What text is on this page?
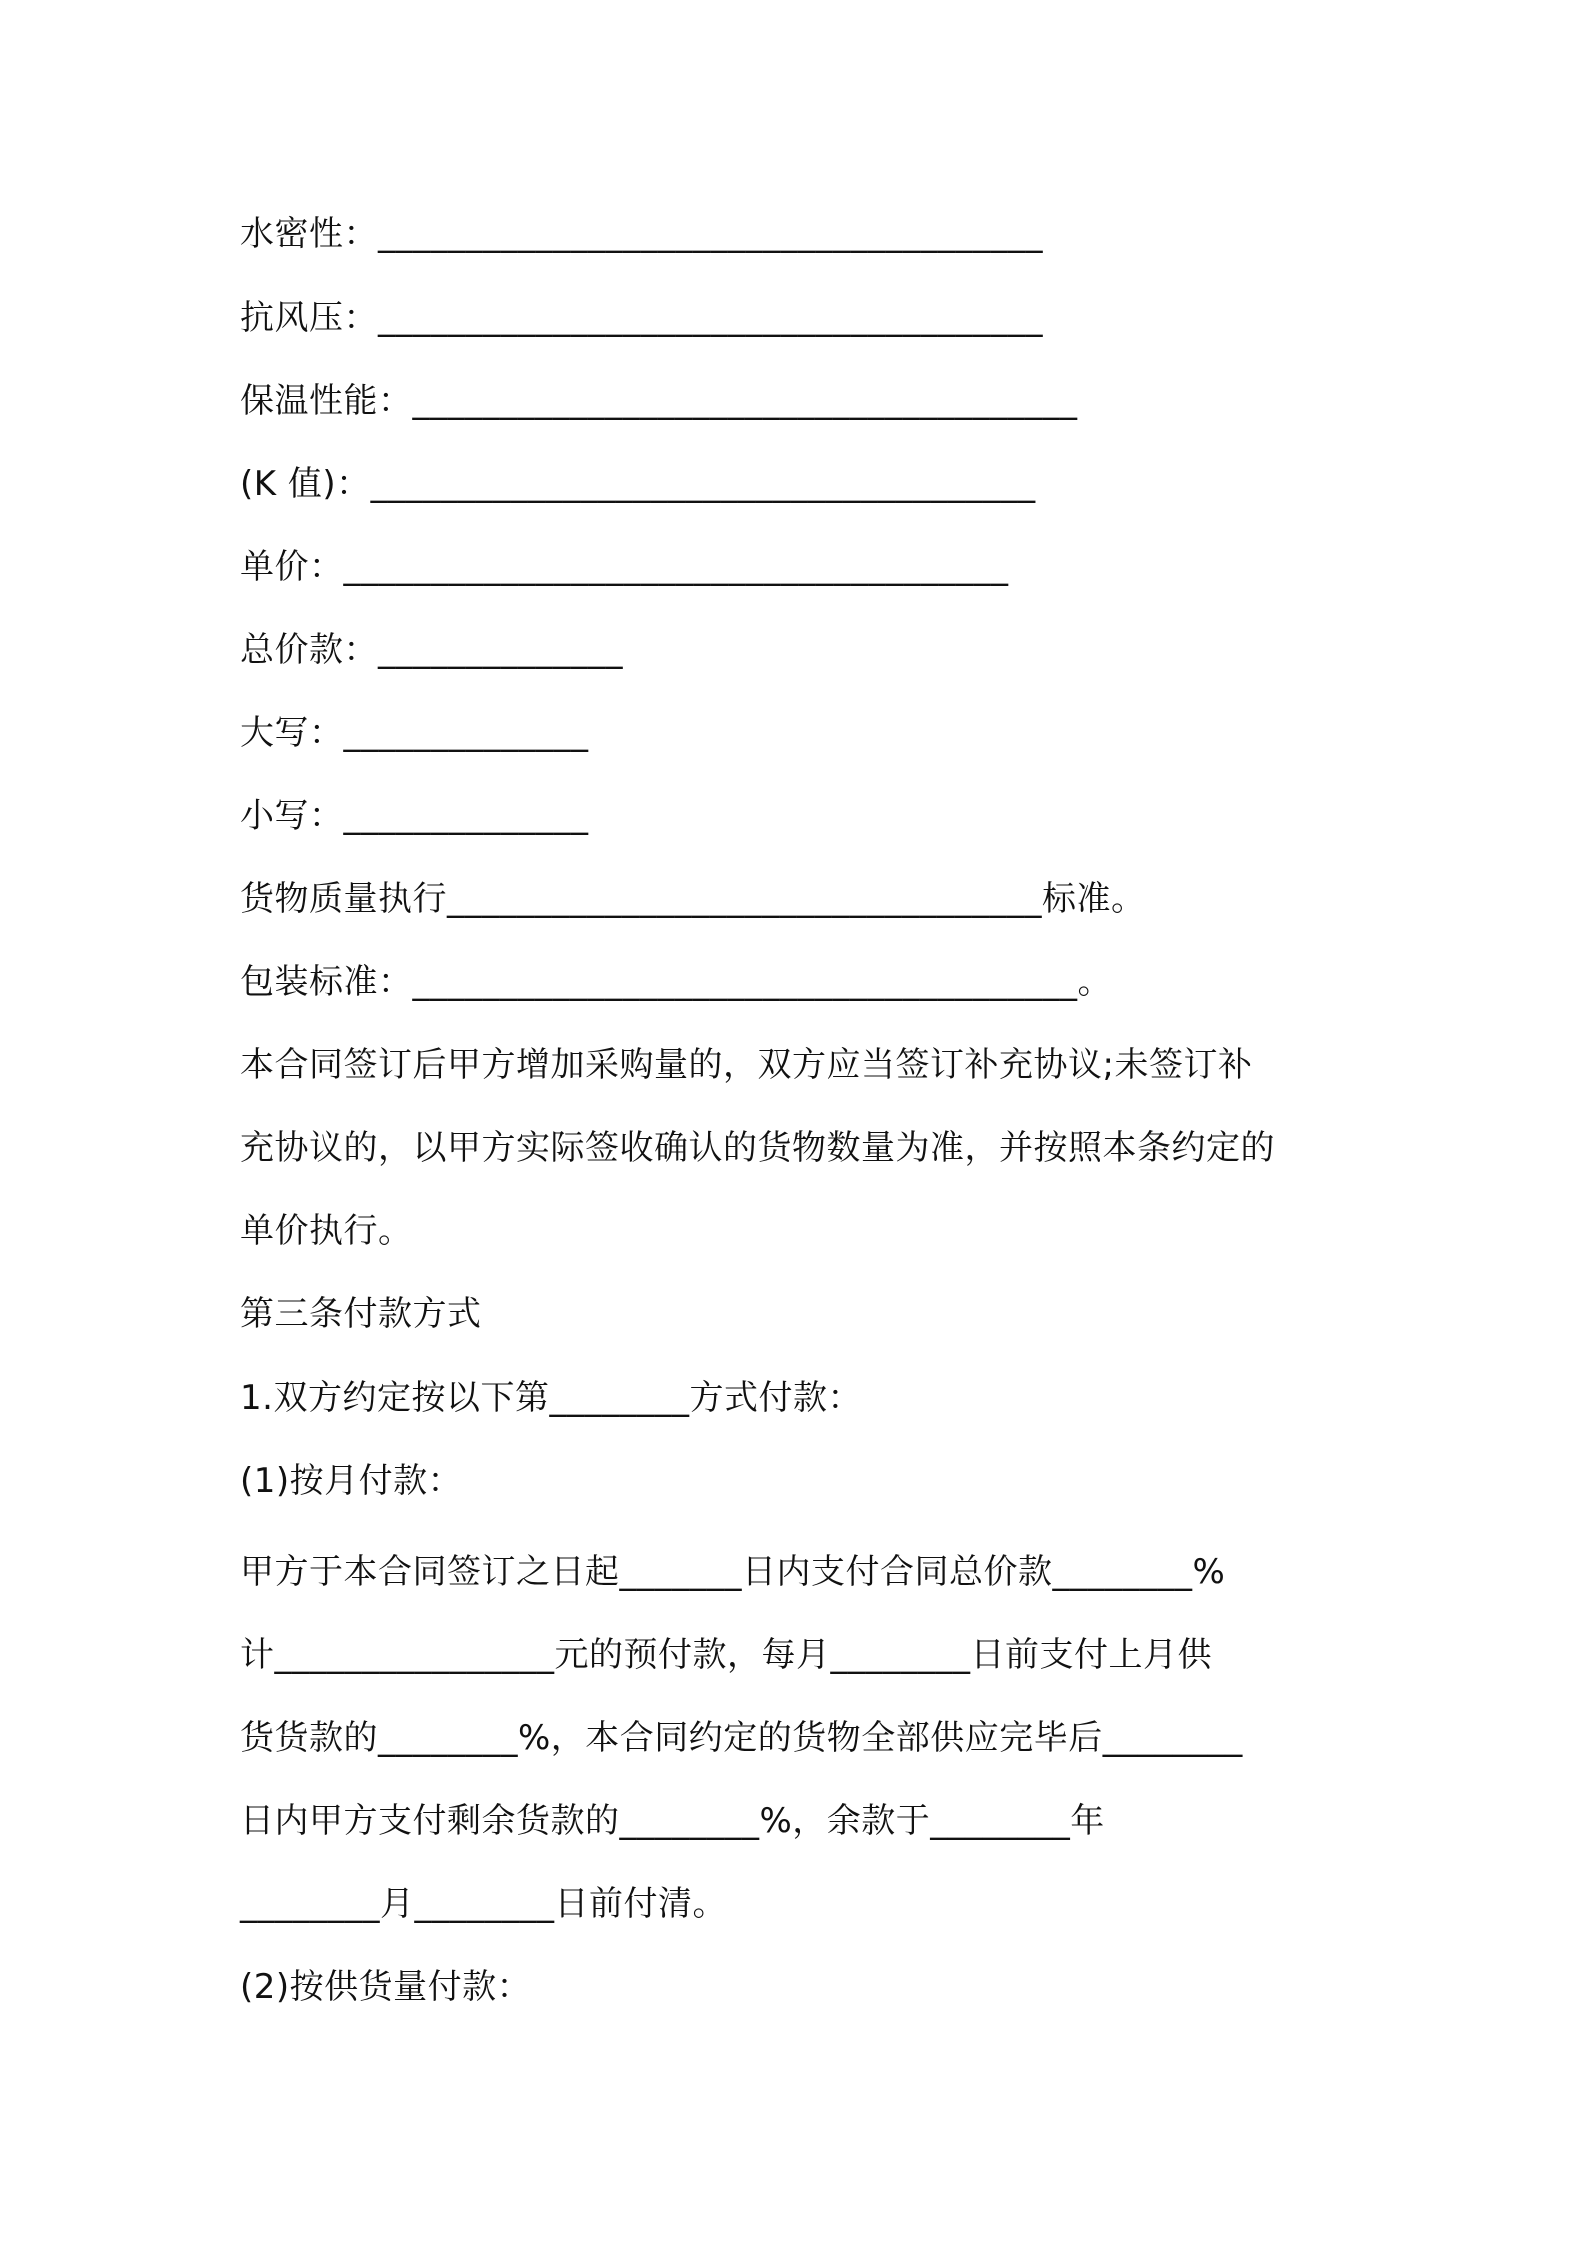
水密性：______________________________________
抗风压：______________________________________
保温性能：______________________________________
(K 值)：______________________________________
单价：______________________________________
总价款：______________
大写：______________
小写：______________
货物质量执行__________________________________标准。
包装标准：______________________________________。
本合同签订后甲方增加采购量的，双方应当签订补充协议;未签订补
充协议的，以甲方实际签收确认的货物数量为准，并按照本条约定的
单价执行。
第三条付款方式
1.双方约定按以下第________方式付款：
(1)按月付款：
甲方于本合同签订之日起_______日内支付合同总价款________%
计________________元的预付款，每月________日前支付上月供
货货款的________%，本合同约定的货物全部供应完毕后________
日内甲方支付剩余货款的________%，余款于________年
________月________日前付清。
(2)按供货量付款：
